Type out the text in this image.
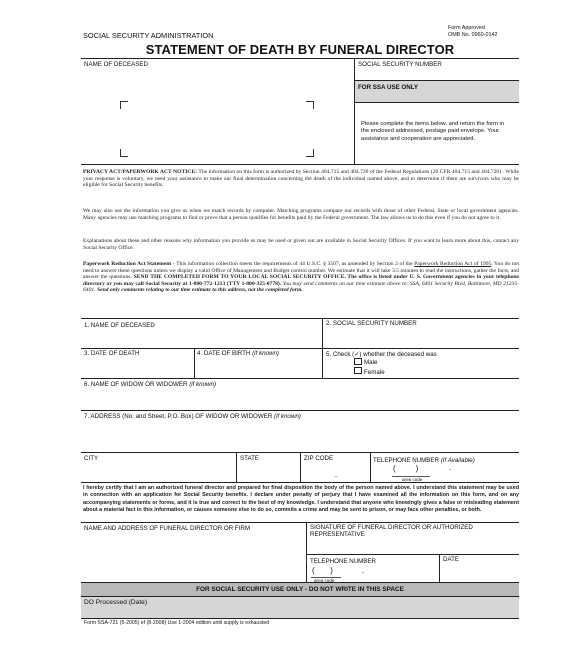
Form Approved
SOCIAL SECURITY ADMINISTRATION	OMB No. 0960-0142
STATEMENT OF DEATH BY FUNERAL DIRECTOR
NAME OF DECEASED	SOCIAL SECURITY NUMBER
FOR SSA USE ONLY
Please complete the items below, and return the form in the enclosed addressed, postage paid envelope. Your assistance and cooperation are appreciated.
PRIVACY ACT/PAPERWORK ACT NOTICE: The information on this form is authorized by Section 404.715 and 404.720 of the Federal Regulations (20 CFR 404.715 and 404.720) . While your response is voluntary, we need your assistance to make our final determination concerning the death of the individual named above, and to determine if there are survivors who may be eligible for Social Security benefits.
We may also use the information you give us when we match records by computer. Matching programs compare our records with those of other Federal, State or local government agencies. Many agencies may use matching programs to find or prove that a person qualifies for benefits paid by the Federal government. The law allows us to do this even if you do not agree to it.
Explanations about these and other reasons why information you provide us may be used or given out are available in Social Security Offices. If you want to learn more about this, contact any Social Security Office.
Paperwork Reduction Act Statement - This information collection meets the requirements of 44 U.S.C. § 3507, as amended by Section 2 of the Paperwork Reduction Act of 1995. You do not need to answer these questions unless we display a valid Office of Management and Budget control number. We estimate that it will take 3.5 minutes to read the instructions, gather the facts, and answer the questions. SEND THE COMPLETED FORM TO YOUR LOCAL SOCIAL SECURITY OFFICE. The office is listed under U. S. Government agencies in your telephone directory or you may call Social Security at 1-800-772-1213 (TTY 1-800-325-0778). You may send comments on our time estimate above to: SSA, 6401 Security Blvd, Baltimore, MD 21235-6401. Send only comments relating to our time estimate to this address, not the completed form.
1. NAME OF DECEASED	2. SOCIAL SECURITY NUMBER
3. DATE OF DEATH	4. DATE OF BIRTH (if known)	5. Check (✓) whether the deceased was
Male
Female
6. NAME OF WIDOW OR WIDOWER (if known)
7. ADDRESS (No. and Street, P.O. Box) OF WIDOW OR WIDOWER (if known)
CITY	STATE	ZIP CODE
-
TELEPHONE NUMBER (If Available)
(         )	-
area code
I hereby certify that I am an authorized funeral director and prepared for final disposition the body of the person named above. I understand this statement may be used in connection with an application for Social Security benefits. I declare under penalty of perjury that I have examined all the information on this form, and on any accompanying statements or forms, and it is true and correct to the best of my knowledge. I understand that anyone who knowingly gives a false or misleading statement about a material fact in this information, or causes someone else to do so, commits a crime and may be sent to prison, or may face other penalties, or both.
NAME AND ADDRESS OF FUNERAL DIRECTOR OR FIRM	SIGNATURE OF FUNERAL DIRECTOR OR AUTHORIZED REPRESENTATIVE
TELEPHONE NUMBER	DATE
(       )	-
area code
FOR SOCIAL SECURITY USE ONLY - DO NOT WRITE IN THIS SPACE
DO Processed (Date)
Form SSA-721 (5-2005) ef (8-2008) Use 1-2004 edition until supply is exhausted
